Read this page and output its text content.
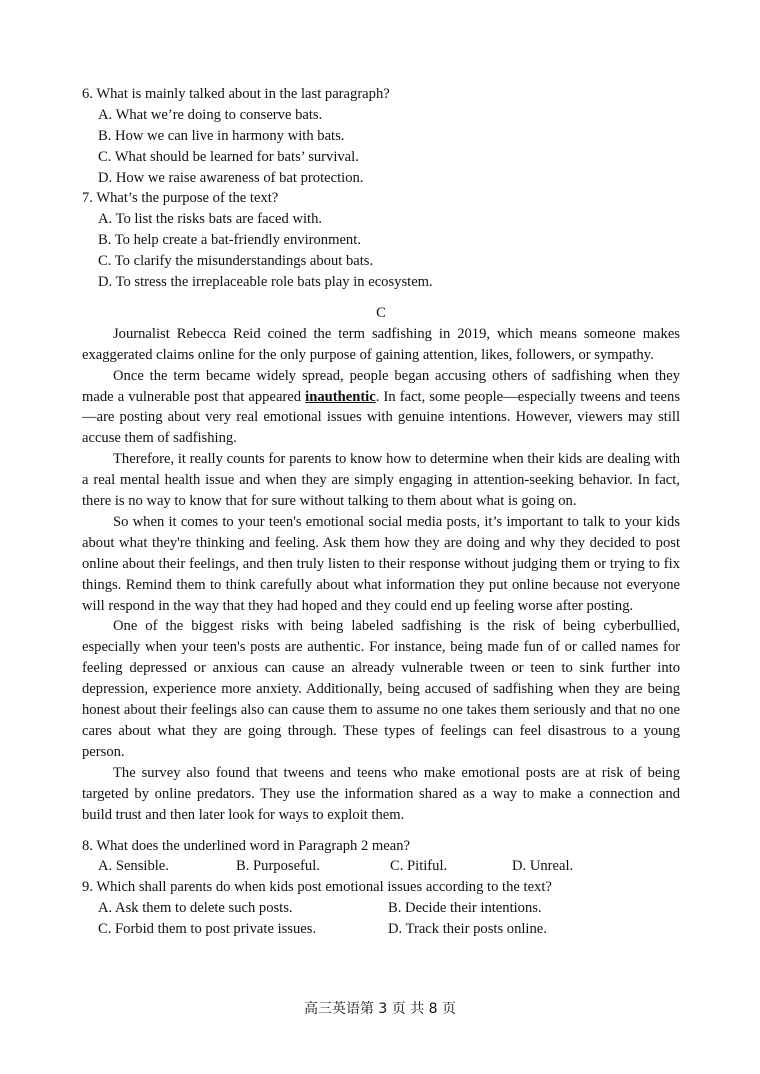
6. What is mainly talked about in the last paragraph?
A. What we’re doing to conserve bats.
B. How we can live in harmony with bats.
C. What should be learned for bats’ survival.
D. How we raise awareness of bat protection.
7. What’s the purpose of the text?
A. To list the risks bats are faced with.
B. To help create a bat-friendly environment.
C. To clarify the misunderstandings about bats.
D. To stress the irreplaceable role bats play in ecosystem.
C

Journalist Rebecca Reid coined the term sadfishing in 2019, which means someone makes exaggerated claims online for the only purpose of gaining attention, likes, followers, or sympathy.

Once the term became widely spread, people began accusing others of sadfishing when they made a vulnerable post that appeared inauthentic. In fact, some people—especially tweens and teens—are posting about very real emotional issues with genuine intentions. However, viewers may still accuse them of sadfishing.

Therefore, it really counts for parents to know how to determine when their kids are dealing with a real mental health issue and when they are simply engaging in attention-seeking behavior. In fact, there is no way to know that for sure without talking to them about what is going on.

So when it comes to your teen's emotional social media posts, it’s important to talk to your kids about what they're thinking and feeling. Ask them how they are doing and why they decided to post online about their feelings, and then truly listen to their response without judging them or trying to fix things. Remind them to think carefully about what information they put online because not everyone will respond in the way that they had hoped and they could end up feeling worse after posting.

One of the biggest risks with being labeled sadfishing is the risk of being cyberbullied, especially when your teen's posts are authentic. For instance, being made fun of or called names for feeling depressed or anxious can cause an already vulnerable tween or teen to sink further into depression, experience more anxiety. Additionally, being accused of sadfishing when they are being honest about their feelings also can cause them to assume no one takes them seriously and that no one cares about what they are going through. These types of feelings can feel disastrous to a young person.

The survey also found that tweens and teens who make emotional posts are at risk of being targeted by online predators. They use the information shared as a way to make a connection and build trust and then later look for ways to exploit them.

8. What does the underlined word in Paragraph 2 mean?
A. Sensible.	B. Purposeful.	C. Pitiful.	D. Unreal.
9. Which shall parents do when kids post emotional issues according to the text?
A. Ask them to delete such posts.	B. Decide their intentions.
C. Forbid them to post private issues.	D. Track their posts online.
高三英语第 3 页 共 8 页
